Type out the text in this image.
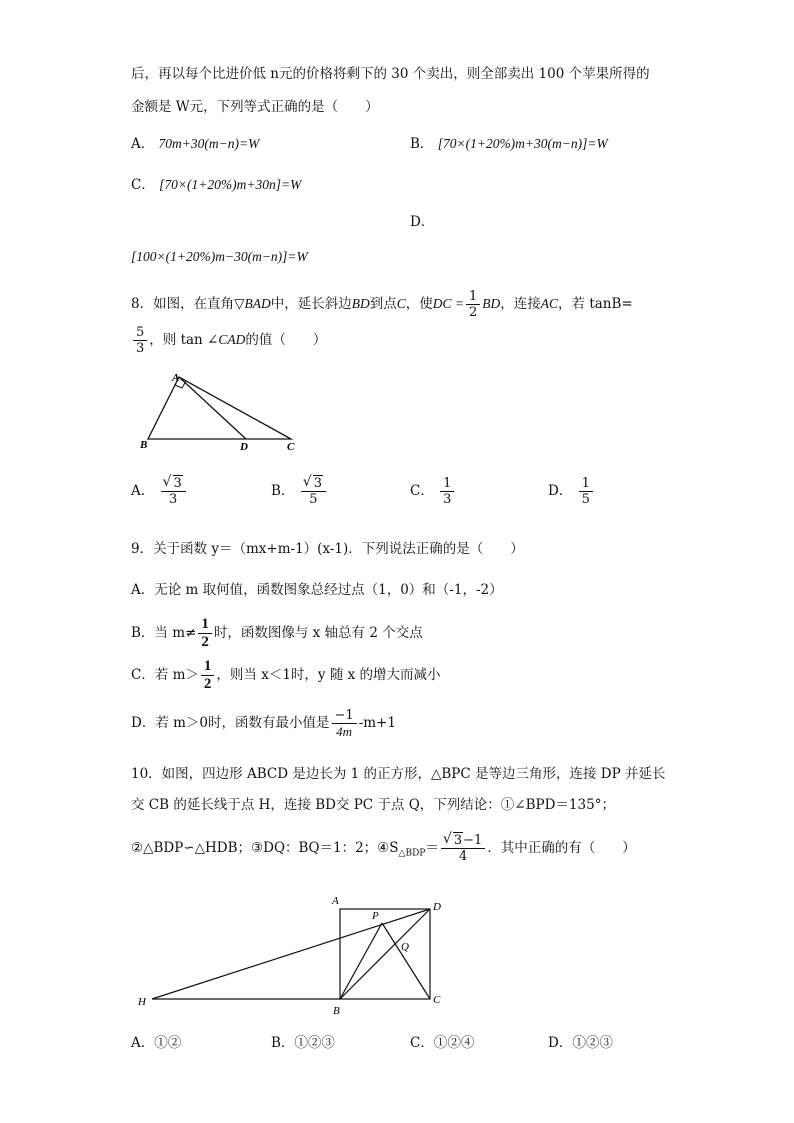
后，再以每个比进价低 n元的价格将剩下的 30 个卖出，则全部卖出 100 个苹果所得的
金额是 W元，下列等式正确的是（　　）
A． 70m+30(m−n)=W	B． [70×(1+20%)m+30(m−n)]=W
C． [70×(1+20%)m+30n]=W
D．
[100×(1+20%)m−30(m−n)]=W
8．如图，在直角▽BAD中，延长斜边BD到点C，使DC = $\frac{1}{2}$ BD，连接AC，若 tanB=
$\frac{5}{3}$ ，则 tan ∠CAD的值（　　）
A
B	D	C
A． √ $\frac{3}{3}$	B． √ $\frac{3}{5}$	C． $\frac{1}{3}$	D． $\frac{1}{5}$
9．关于函数 y＝（mx+m-1）(x-1)．下列说法正确的是（　　）
A．无论 m 取何值，函数图象总经过点（1，0）和（-1，-2）
B．当 $m\ne \frac{1}{2}$ 时，函数图像与 x 轴总有 2 个交点
C．若 $m> \frac{1}{2}$ ，则当 x＜1时，y 随 x 的增大而减小
D．若 m＞0时，函数有最小值是 $\frac{-1}{4m} -m+1$
10．如图，四边形 ABCD 是边长为 1 的正方形，△BPC 是等边三角形，连接 DP 并延长
交 CB 的延长线于点 H，连接 BD交 PC 于点 Q，下列结论：①∠BPD＝135°；
②△BDP∽△HDB；③DQ：BQ＝1：2；$④S_{\triangle BDP}=$ √ $\frac{3-1}{4}$ ．其中正确的有（　　）
A
P
D
Q
H
B
C
A．①②	B．①②③	C．①②④	D．①②③
